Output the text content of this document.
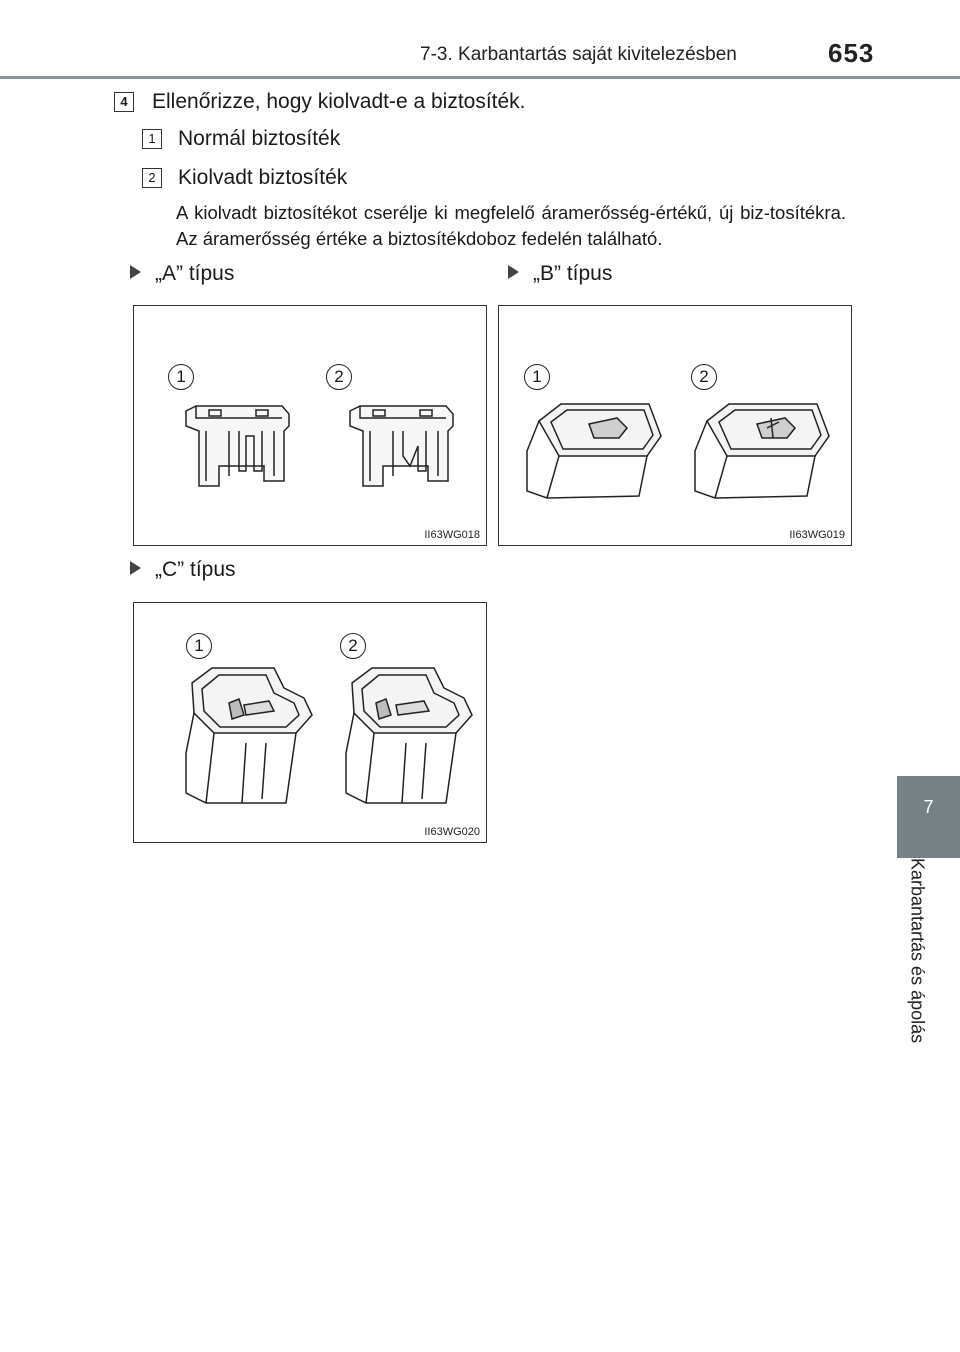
7-3. Karbantartás saját kivitelezésben	653
7
Karbantartás és ápolás
4	Ellenőrizze, hogy kiolvadt-e a biztosíték.
1	Normál biztosíték
2	Kiolvadt biztosíték
A kiolvadt biztosítékot cserélje ki megfelelő áramerősség-értékű, új biz-tosítékra. Az áramerősség értéke a biztosítékdoboz fedelén található.
„A” típus	„B” típus
„C” típus
1	2
II63WG018
1	2
II63WG019
1	2
II63WG020
